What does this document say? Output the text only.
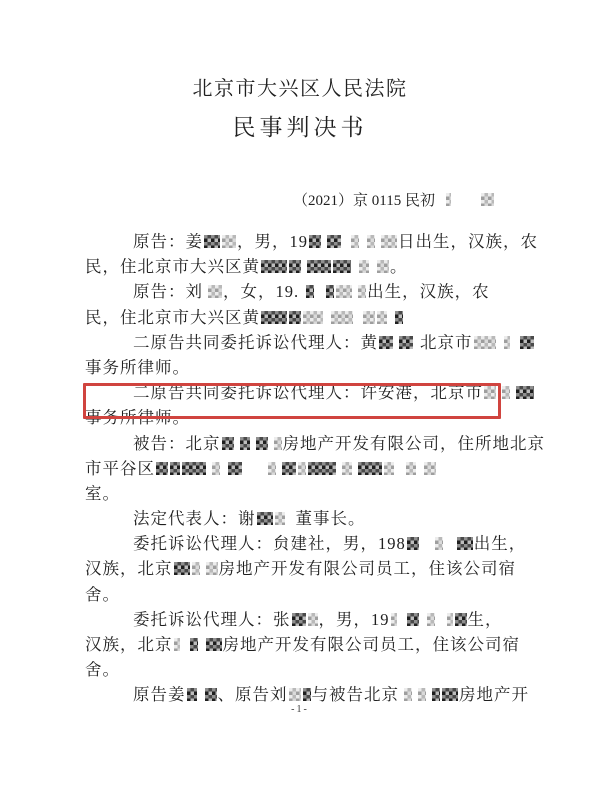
北京市大兴区人民法院
民事判决书
（2021）京 0115 民初
原告：姜 ，男，19	日出生，汉族，农
民，住北京市大兴区黄	。
原告：刘 ，女，19.	出生，汉族，农
民，住北京市大兴区黄
二原告共同委托诉讼代理人：黄	北京市
事务所律师。
二原告共同委托诉讼代理人：许安港，北京市
事务所律师。
被告：北京	房地产开发有限公司，住所地北京
市平谷区
室。
法定代表人：谢 董事长。
委托诉讼代理人：贠建社，男，198	出生，
汉族，北京	房地产开发有限公司员工，住该公司宿
舍。
委托诉讼代理人：张 ，男，19	生，
汉族，北京	房地产开发有限公司员工，住该公司宿
舍。
原告姜 、原告刘 与被告北京	房地产开
-1-
